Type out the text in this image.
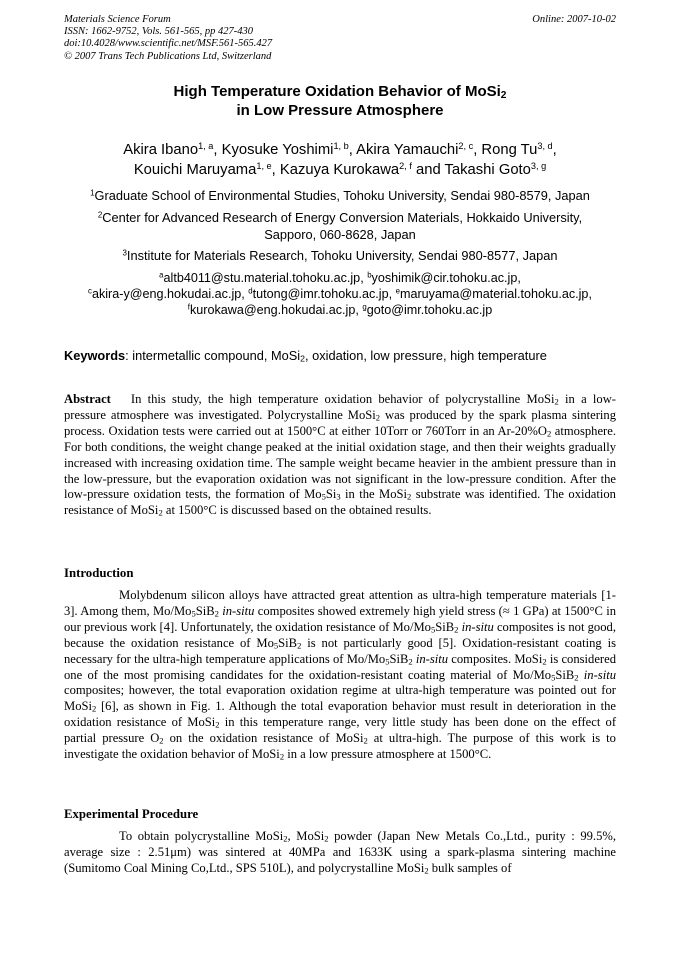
Materials Science Forum
ISSN: 1662-9752, Vols. 561-565, pp 427-430
doi:10.4028/www.scientific.net/MSF.561-565.427
© 2007 Trans Tech Publications Ltd, Switzerland
Online: 2007-10-02
High Temperature Oxidation Behavior of MoSi$_2$
in Low Pressure Atmosphere
Akira Ibano$^{1, a}$, Kyosuke Yoshimi$^{1, b}$, Akira Yamauchi$^{2, c}$, Rong Tu$^{3, d}$,
Kouichi Maruyama$^{1, e}$, Kazuya Kurokawa$^{2, f}$ and Takashi Goto$^{3, g}$
$^1$Graduate School of Environmental Studies, Tohoku University, Sendai 980-8579, Japan
$^2$Center for Advanced Research of Energy Conversion Materials, Hokkaido University,
Sapporo, 060-8628, Japan
$^3$Institute for Materials Research, Tohoku University, Sendai 980-8577, Japan
$^a$altb4011@stu.material.tohoku.ac.jp, $^b$yoshimik@cir.tohoku.ac.jp,
$^c$akira-y@eng.hokudai.ac.jp, $^d$tutong@imr.tohoku.ac.jp, $^e$maruyama@material.tohoku.ac.jp,
$^f$kurokawa@eng.hokudai.ac.jp, $^g$goto@imr.tohoku.ac.jp
Keywords: intermetallic compound, MoSi$_2$, oxidation, low pressure, high temperature
Abstract In this study, the high temperature oxidation behavior of polycrystalline MoSi$_2$ in a low-pressure atmosphere was investigated. Polycrystalline MoSi$_2$ was produced by the spark plasma sintering process. Oxidation tests were carried out at 1500°C at either 10Torr or 760Torr in an $Ar-20\%O_2$ atmosphere. For both conditions, the weight change peaked at the initial oxidation stage, and then their weights gradually increased with increasing oxidation time. The sample weight became heavier in the ambient pressure than in the low-pressure, but the evaporation oxidation was not significant in the low-pressure condition. After the low-pressure oxidation tests, the formation of $Mo_5Si_3$ in the MoSi$_2$ substrate was identified. The oxidation resistance of MoSi$_2$ at 1500°C is discussed based on the obtained results.
Introduction
Molybdenum silicon alloys have attracted great attention as ultra-high temperature materials [1-3]. Among them, $Mo/Mo_5SiB_2$ in-situ composites showed extremely high yield stress (≈ 1 GPa) at 1500°C in our previous work [4]. Unfortunately, the oxidation resistance of $Mo/Mo_5SiB_2$ in-situ composites is not good, because the oxidation resistance of $Mo_5SiB_2$ is not particularly good [5]. Oxidation-resistant coating is necessary for the ultra-high temperature applications of $Mo/Mo_5SiB_2$ in-situ composites. MoSi$_2$ is considered one of the most promising candidates for the oxidation-resistant coating material of $Mo/Mo_5SiB_2$ in-situ composites; however, the total evaporation oxidation regime at ultra-high temperature was pointed out for MoSi$_2$ [6], as shown in Fig. 1. Although the total evaporation behavior must result in deterioration in the oxidation resistance of MoSi$_2$ in this temperature range, very little study has been done on the effect of partial pressure $O_2$ on the oxidation resistance of MoSi$_2$ at ultra-high. The purpose of this work is to investigate the oxidation behavior of MoSi$_2$ in a low pressure atmosphere at 1500°C.
Experimental Procedure
To obtain polycrystalline MoSi$_2$, MoSi$_2$ powder (Japan New Metals Co.,Ltd., purity : 99.5%, average size : 2.51μm) was sintered at 40MPa and 1633K using a spark-plasma sintering machine (Sumitomo Coal Mining Co,Ltd., SPS 510L), and polycrystalline MoSi$_2$ bulk samples of
